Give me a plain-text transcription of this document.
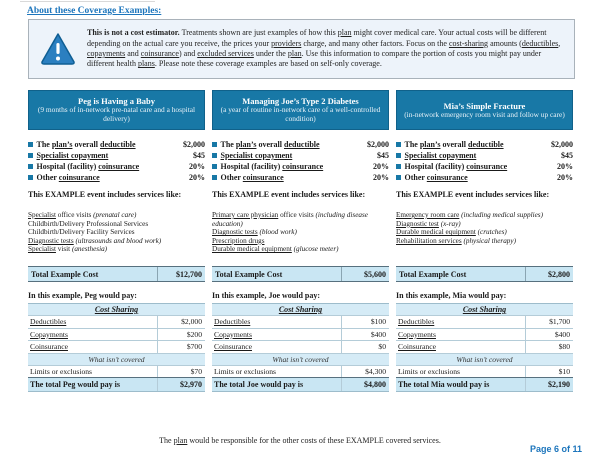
About these Coverage Examples:

This is not a cost estimator. Treatments shown are just examples of how this plan might cover medical care. Your actual costs will be different depending on the actual care you receive, the prices your providers charge, and many other factors. Focus on the cost-sharing amounts (deductibles, copayments and coinsurance) and excluded services under the plan. Use this information to compare the portion of costs you might pay under different health plans. Please note these coverage examples are based on self-only coverage.

Peg is Having a Baby
(9 months of in-network pre-natal care and a hospital delivery)
The plan’s overall deductible	$2,000
Specialist copayment	$45
Hospital (facility) coinsurance	20%
Other coinsurance	20%
This EXAMPLE event includes services like:

Specialist office visits (prenatal care)

Childbirth/Delivery Professional Services

Childbirth/Delivery Facility Services

Diagnostic tests (ultrasounds and blood work)

Specialist visit (anesthesia)

Total Example Cost	$12,700
In this example, Peg would pay:
Cost Sharing
Deductibles	$2,000
Copayments	$200
Coinsurance	$700
What isn’t covered
Limits or exclusions	$70
The total Peg would pay is	$2,970
Managing Joe’s Type 2 Diabetes
(a year of routine in-network care of a well-controlled condition)
The plan’s overall deductible	$2,000
Specialist copayment	$45
Hospital (facility) coinsurance	20%
Other coinsurance	20%
This EXAMPLE event includes services like:

Primary care physician office visits (including disease education)

Diagnostic tests (blood work)

Prescription drugs

Durable medical equipment (glucose meter)

Total Example Cost	$5,600
In this example, Joe would pay:
Cost Sharing
Deductibles	$100
Copayments	$400
Coinsurance	$0
What isn’t covered
Limits or exclusions	$4,300
The total Joe would pay is	$4,800
Mia’s Simple Fracture
(in-network emergency room visit and follow up care)
The plan’s overall deductible	$2,000
Specialist copayment	$45
Hospital (facility) coinsurance	20%
Other coinsurance	20%
This EXAMPLE event includes services like:

Emergency room care (including medical supplies)

Diagnostic test (x-ray)

Durable medical equipment (crutches)

Rehabilitation services (physical therapy)

Total Example Cost	$2,800
In this example, Mia would pay:
Cost Sharing
Deductibles	$1,700
Copayments	$400
Coinsurance	$80
What isn’t covered
Limits or exclusions	$10
The total Mia would pay is	$2,190
The plan would be responsible for the other costs of these EXAMPLE covered services.
Page 6 of 11
